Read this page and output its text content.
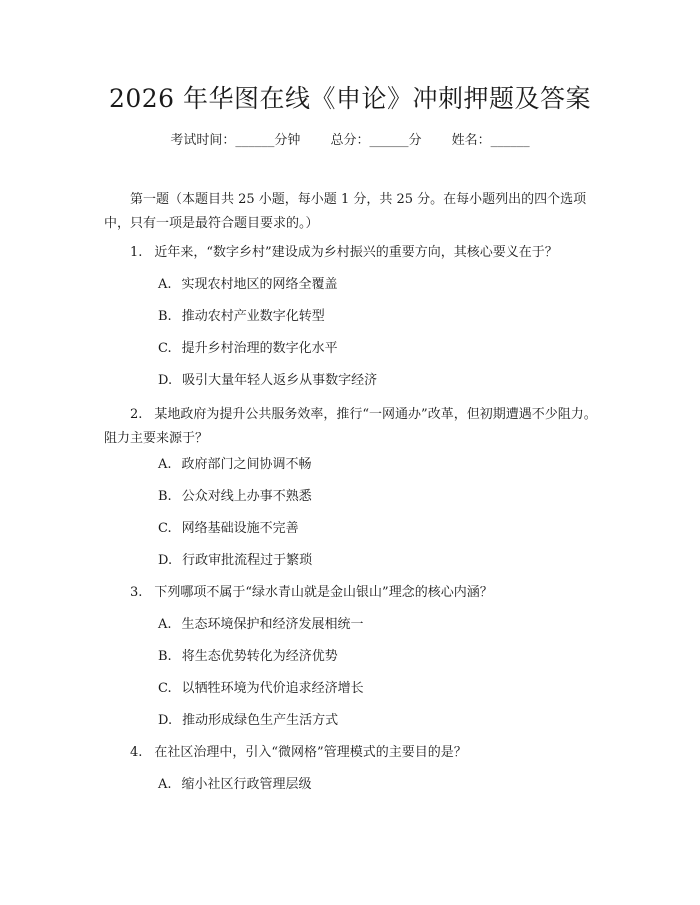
2026 年华图在线《申论》冲刺押题及答案
考试时间：______分钟 总分：______分 姓名：______
第一题（本题目共 25 小题，每小题 1 分，共 25 分。在每小题列出的四个选项中，只有一项是最符合题目要求的。）
1. 近年来，“数字乡村”建设成为乡村振兴的重要方向，其核心要义在于？
A. 实现农村地区的网络全覆盖
B. 推动农村产业数字化转型
C. 提升乡村治理的数字化水平
D. 吸引大量年轻人返乡从事数字经济
2. 某地政府为提升公共服务效率，推行“一网通办”改革，但初期遭遇不少阻力。阻力主要来源于？
A. 政府部门之间协调不畅
B. 公众对线上办事不熟悉
C. 网络基础设施不完善
D. 行政审批流程过于繁琐
3. 下列哪项不属于“绿水青山就是金山银山”理念的核心内涵？
A. 生态环境保护和经济发展相统一
B. 将生态优势转化为经济优势
C. 以牺牲环境为代价追求经济增长
D. 推动形成绿色生产生活方式
4. 在社区治理中，引入“微网格”管理模式的主要目的是？
A. 缩小社区行政管理层级
